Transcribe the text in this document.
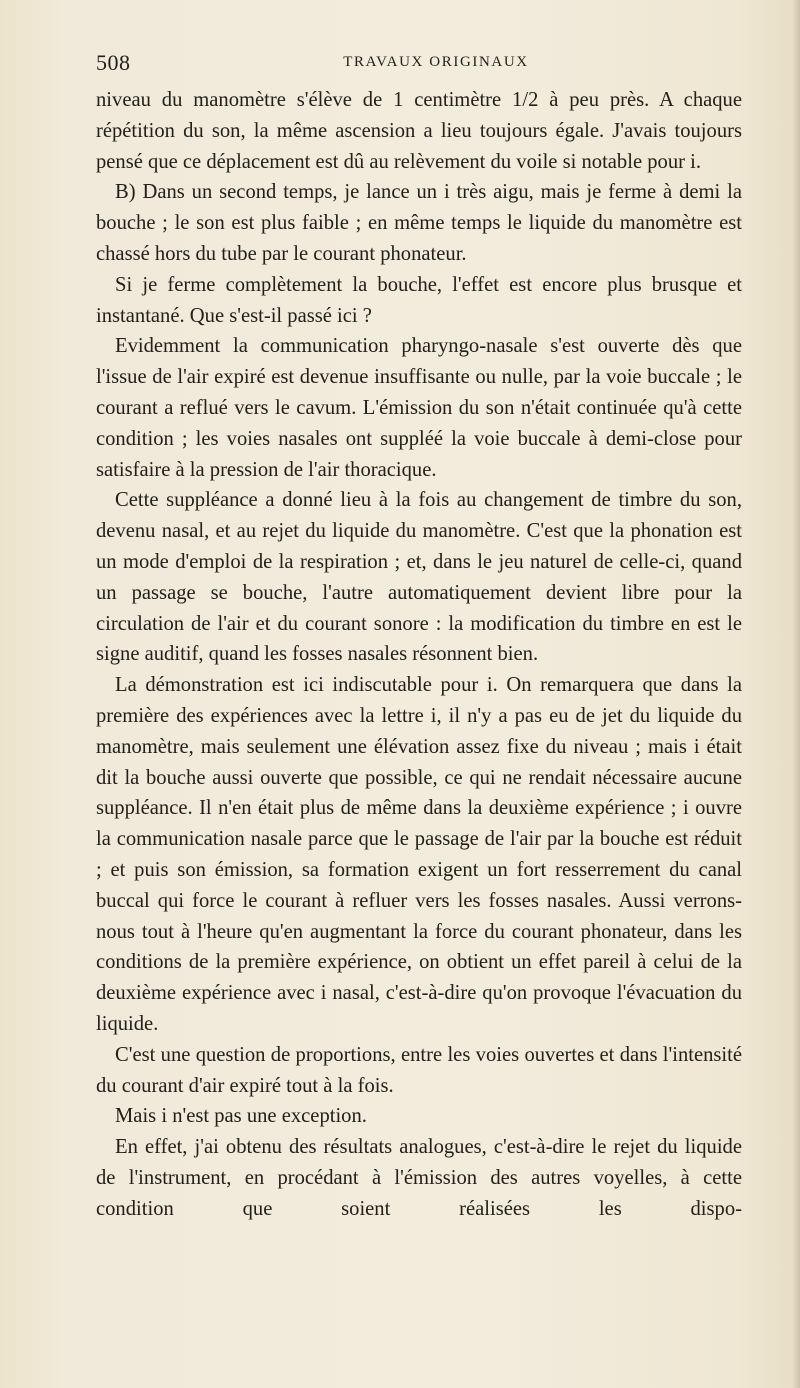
508	TRAVAUX ORIGINAUX

niveau du manomètre s'élève de 1 centimètre 1/2 à peu près. A chaque répétition du son, la même ascension a lieu toujours égale. J'avais toujours pensé que ce déplacement est dû au relèvement du voile si notable pour i.

B) Dans un second temps, je lance un i très aigu, mais je ferme à demi la bouche ; le son est plus faible ; en même temps le liquide du manomètre est chassé hors du tube par le courant phonateur.

Si je ferme complètement la bouche, l'effet est encore plus brusque et instantané. Que s'est-il passé ici ?

Evidemment la communication pharyngo-nasale s'est ouverte dès que l'issue de l'air expiré est devenue insuffisante ou nulle, par la voie buccale ; le courant a reflué vers le cavum. L'émission du son n'était continuée qu'à cette condition ; les voies nasales ont suppléé la voie buccale à demi-close pour satisfaire à la pression de l'air thoracique.

Cette suppléance a donné lieu à la fois au changement de timbre du son, devenu nasal, et au rejet du liquide du manomètre. C'est que la phonation est un mode d'emploi de la respiration ; et, dans le jeu naturel de celle-ci, quand un passage se bouche, l'autre automatiquement devient libre pour la circulation de l'air et du courant sonore : la modification du timbre en est le signe auditif, quand les fosses nasales résonnent bien.

La démonstration est ici indiscutable pour i. On remarquera que dans la première des expériences avec la lettre i, il n'y a pas eu de jet du liquide du manomètre, mais seulement une élévation assez fixe du niveau ; mais i était dit la bouche aussi ouverte que possible, ce qui ne rendait nécessaire aucune suppléance. Il n'en était plus de même dans la deuxième expérience ; i ouvre la communication nasale parce que le passage de l'air par la bouche est réduit ; et puis son émission, sa formation exigent un fort resserrement du canal buccal qui force le courant à refluer vers les fosses nasales. Aussi verrons-nous tout à l'heure qu'en augmentant la force du courant phonateur, dans les conditions de la première expérience, on obtient un effet pareil à celui de la deuxième expérience avec i nasal, c'est-à-dire qu'on provoque l'évacuation du liquide.

C'est une question de proportions, entre les voies ouvertes et dans l'intensité du courant d'air expiré tout à la fois.

Mais i n'est pas une exception.

En effet, j'ai obtenu des résultats analogues, c'est-à-dire le rejet du liquide de l'instrument, en procédant à l'émission des autres voyelles, à cette condition que soient réalisées les dispo-
